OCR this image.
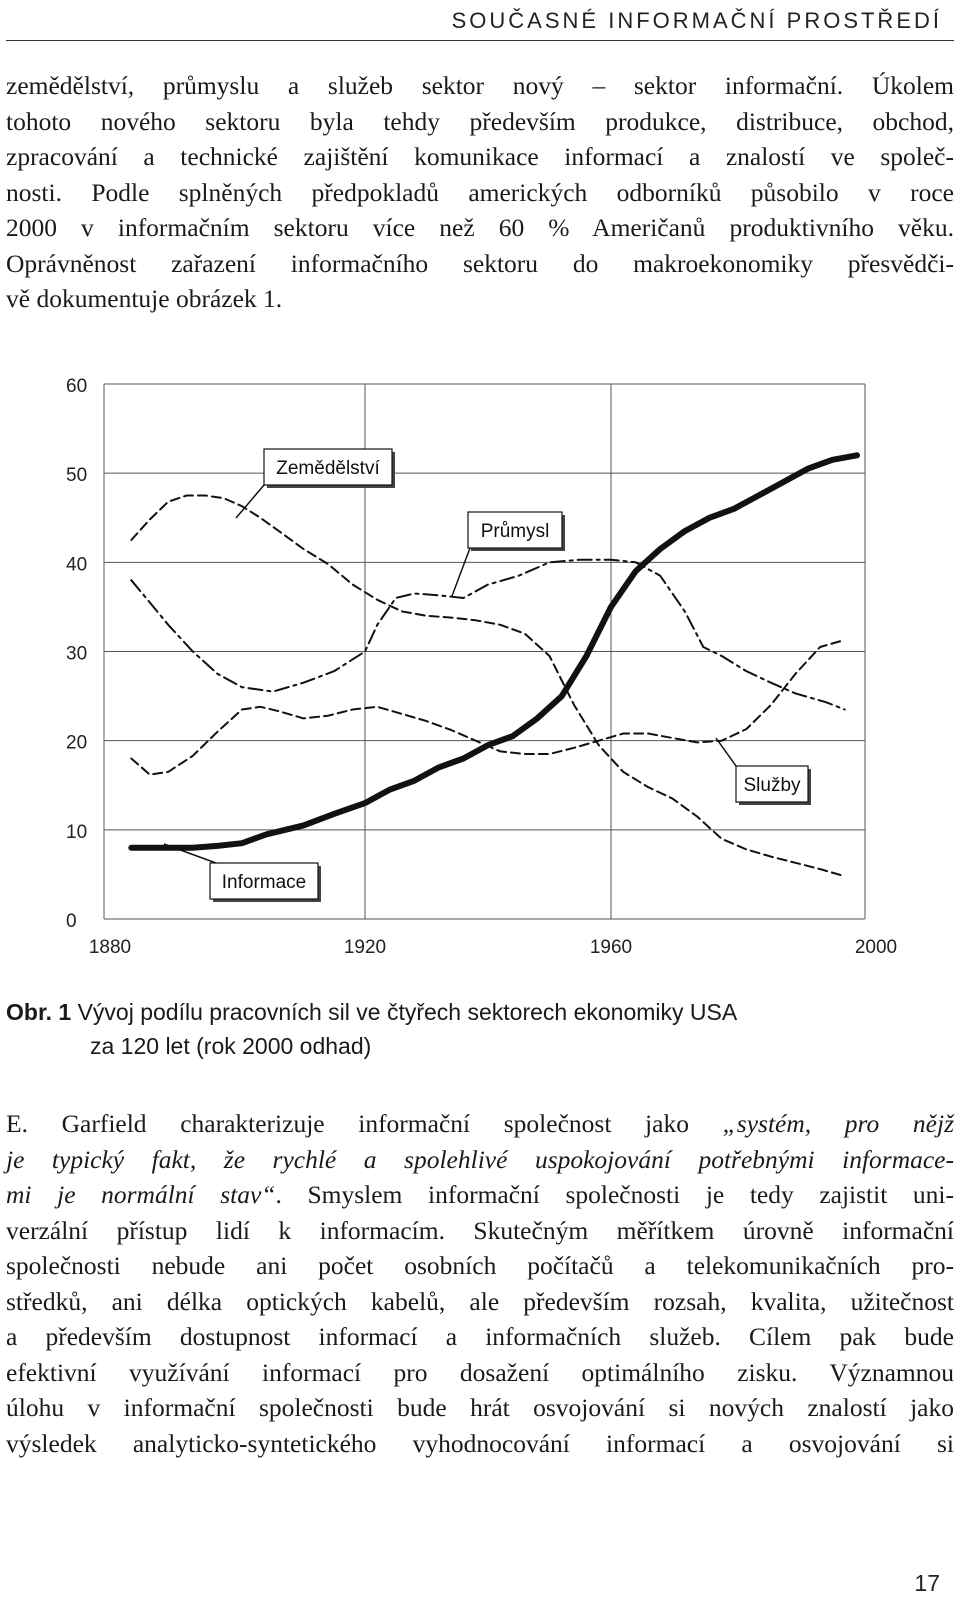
SOUČASNÉ INFORMAČNÍ PROSTŘEDÍ
zemědělství, průmyslu a služeb sektor nový – sektor informační. Úkolem
tohoto nového sektoru byla tehdy především produkce, distribuce, obchod,
zpracování a technické zajištění komunikace informací a znalostí ve společ-
nosti. Podle splněných předpokladů amerických odborníků působilo v roce
2000 v informačním sektoru více než 60 % Američanů produktivního věku.
Oprávněnost zařazení informačního sektoru do makroekonomiky přesvědči-
vě dokumentuje obrázek 1.
0
10
20
30
40
50
60
1880	1920	1960	2000
Zemědělství
Průmysl
Služby
Informace
Obr. 1 Vývoj podílu pracovních sil ve čtyřech sektorech ekonomiky USA
za 120 let (rok 2000 odhad)
E. Garfield charakterizuje informační společnost jako „systém, pro nějž
je typický fakt, že rychlé a spolehlivé uspokojování potřebnými informace-
mi je normální stav“. Smyslem informační společnosti je tedy zajistit uni-
verzální přístup lidí k informacím. Skutečným měřítkem úrovně informační
společnosti nebude ani počet osobních počítačů a telekomunikačních pro-
středků, ani délka optických kabelů, ale především rozsah, kvalita, užitečnost
a především dostupnost informací a informačních služeb. Cílem pak bude
efektivní využívání informací pro dosažení optimálního zisku. Významnou
úlohu v informační společnosti bude hrát osvojování si nových znalostí jako
výsledek analyticko-syntetického vyhodnocování informací a osvojování si
17
